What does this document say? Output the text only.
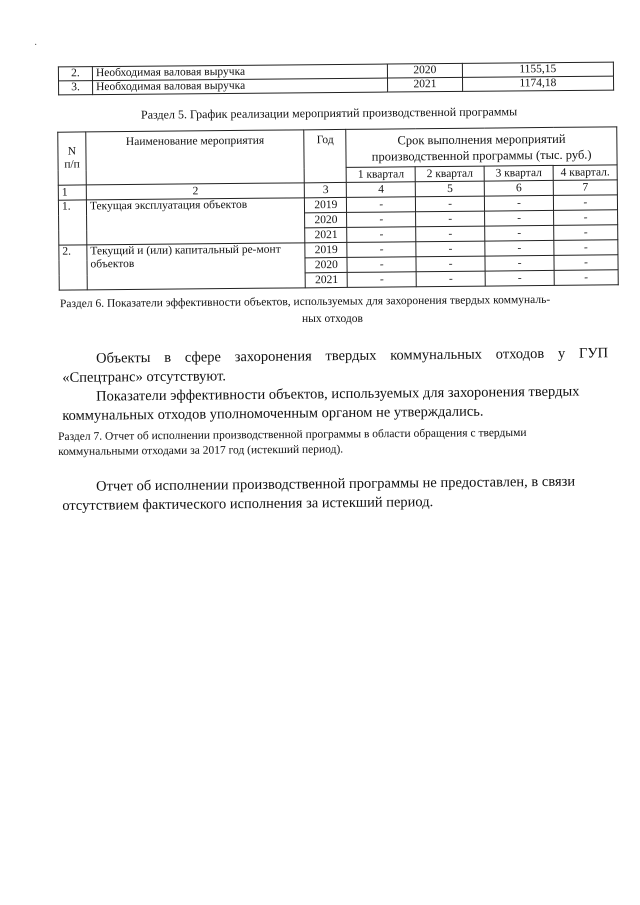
·
2.	Необходимая валовая выручка	2020	1155,15
3.	Необходимая валовая выручка	2021	1174,18
Раздел 5. График реализации мероприятий производственной программы
N
п/п	Наименование мероприятия	Год	Срок выполнения мероприятий производственной программы (тыс. руб.)			
			1 квартал	2 квартал	3 квартал	4 квартал.
1	2	3	4	5	6	7
1.	Текущая эксплуатация объектов	2019	-	-	-	-
		2020	-	-	-	-
		2021	-	-	-	-
2.	Текущий и (или) капитальный ре-монт объектов	2019	-	-	-	-
		2020	-	-	-	-
		2021	-	-	-	-
Раздел 6. Показатели эффективности объектов, используемых для захоронения твердых коммуналь-
ных отходов
Объекты в сфере захоронения твердых коммунальных отходов у ГУП «Спецтранс» отсутствуют.
Показатели эффективности объектов, используемых для захоронения твердых коммунальных отходов уполномоченным органом не утверждались.
Раздел 7. Отчет об исполнении производственной программы в области обращения с твердыми коммунальными отходами за 2017 год (истекший период).
Отчет об исполнении производственной программы не предоставлен, в связи отсутствием фактического исполнения за истекший период.
